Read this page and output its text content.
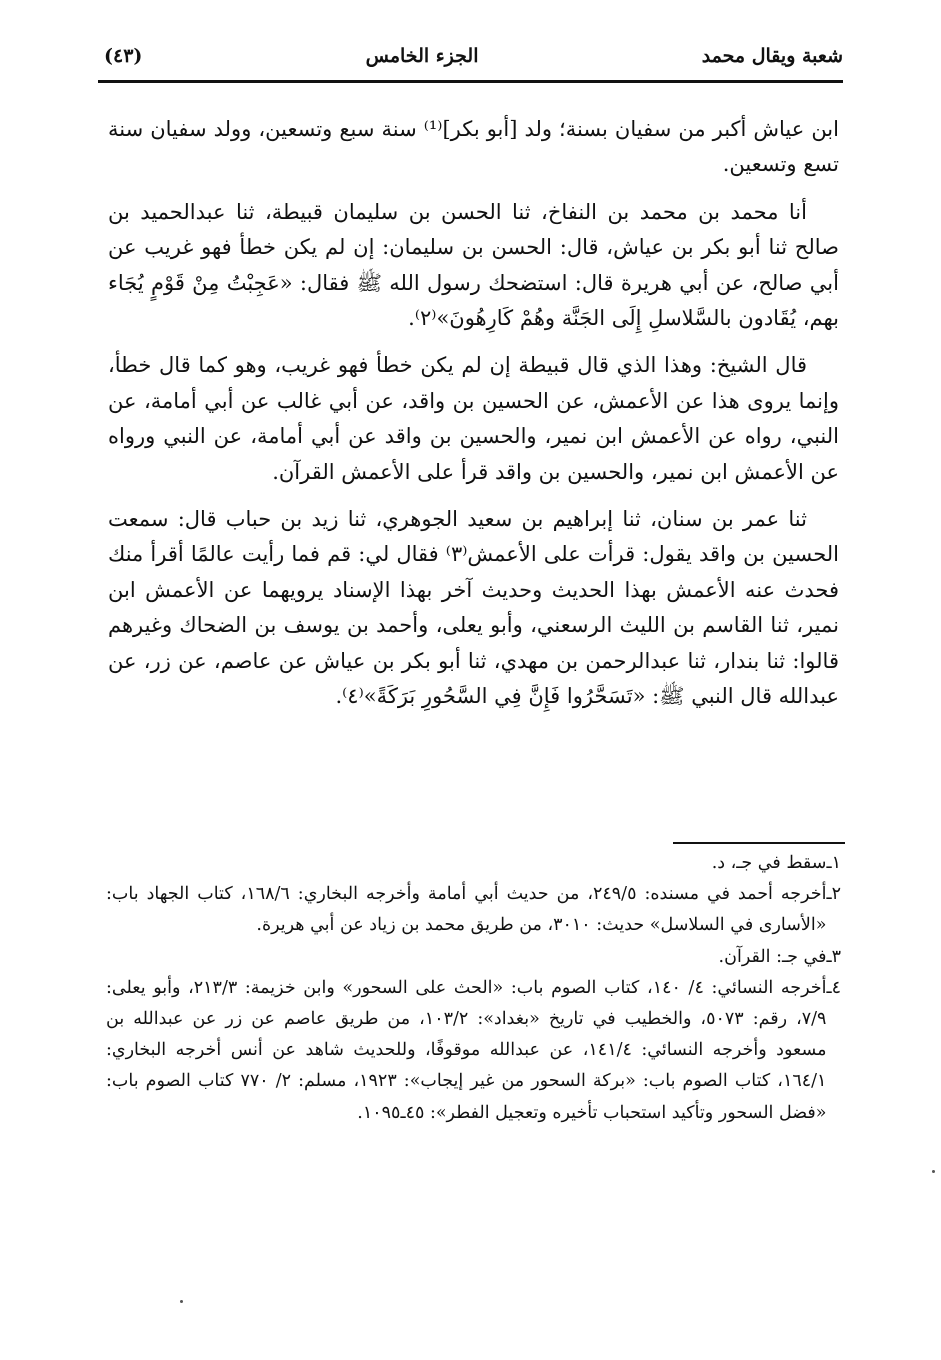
شعبة ويقال محمد
الجزء الخامس
(٤٣)

ابن عياش أكبر من سفيان بسنة؛ ولد [أبو بكر]⁽¹⁾ سنة سبع وتسعين، وولد سفيان سنة تسع وتسعين.

أنا محمد بن محمد بن النفاخ، ثنا الحسن بن سليمان قبيطة، ثنا عبدالحميد بن صالح ثنا أبو بكر بن عياش، قال: الحسن بن سليمان: إن لم يكن خطأ فهو غريب عن أبي صالح، عن أبي هريرة قال: استضحك رسول الله ﷺ فقال: «عَجِبْتُ مِنْ قَوْمٍ يُجَاء بهم، يُقَادون بالسَّلاسلِ إِلَى الجَنَّة وهُمْ كَارِهُونَ»⁽٢⁾.

قال الشيخ: وهذا الذي قال قبيطة إن لم يكن خطأ فهو غريب، وهو كما قال خطأ، وإنما يروى هذا عن الأعمش، عن الحسين بن واقد، عن أبي غالب عن أبي أمامة، عن النبي، رواه عن الأعمش ابن نمير، والحسين بن واقد عن أبي أمامة، عن النبي ورواه عن الأعمش ابن نمير، والحسين بن واقد قرأ على الأعمش القرآن.

ثنا عمر بن سنان، ثنا إبراهيم بن سعيد الجوهري، ثنا زيد بن حباب قال: سمعت الحسين بن واقد يقول: قرأت على الأعمش⁽٣⁾ فقال لي: قم فما رأيت عالمًا أقرأ منك فحدث عنه الأعمش بهذا الحديث وحديث آخر بهذا الإسناد يرويهما عن الأعمش ابن نمير، ثنا القاسم بن الليث الرسعني، وأبو يعلى، وأحمد بن يوسف بن الضحاك وغيرهم قالوا: ثنا بندار، ثنا عبدالرحمن بن مهدي، ثنا أبو بكر بن عياش عن عاصم، عن زر، عن عبدالله قال النبي ﷺ: «تَسَحَّرُوا فَإِنَّ فِي السَّحُورِ بَرَكَةً»⁽٤⁾.

١ـ
سقط في جـ، د.
٢ـ
أخرجه أحمد في مسنده: ٢٤٩/٥، من حديث أبي أمامة وأخرجه البخاري: ١٦٨/٦، كتاب الجهاد باب: «الأسارى في السلاسل» حديث: ٣٠١٠، من طريق محمد بن زياد عن أبي هريرة.
٣ـ
في جـ: القرآن.
٤ـ
أخرجه النسائي: ٤/ ١٤٠، كتاب الصوم باب: «الحث على السحور» وابن خزيمة: ٢١٣/٣، وأبو يعلى: ٧/٩، رقم: ٥٠٧٣، والخطيب في تاريخ «بغداد»: ١٠٣/٢، من طريق عاصم عن زر عن عبدالله بن مسعود وأخرجه النسائي: ١٤١/٤، عن عبدالله موقوفًا، وللحديث شاهد عن أنس أخرجه البخاري: ١٦٤/١، كتاب الصوم باب: «بركة السحور من غير إيجاب»: ١٩٢٣، مسلم: ٢/ ٧٧٠ كتاب الصوم باب: «فضل السحور وتأكيد استحباب تأخيره وتعجيل الفطر»: ٤٥ـ١٠٩٥.
